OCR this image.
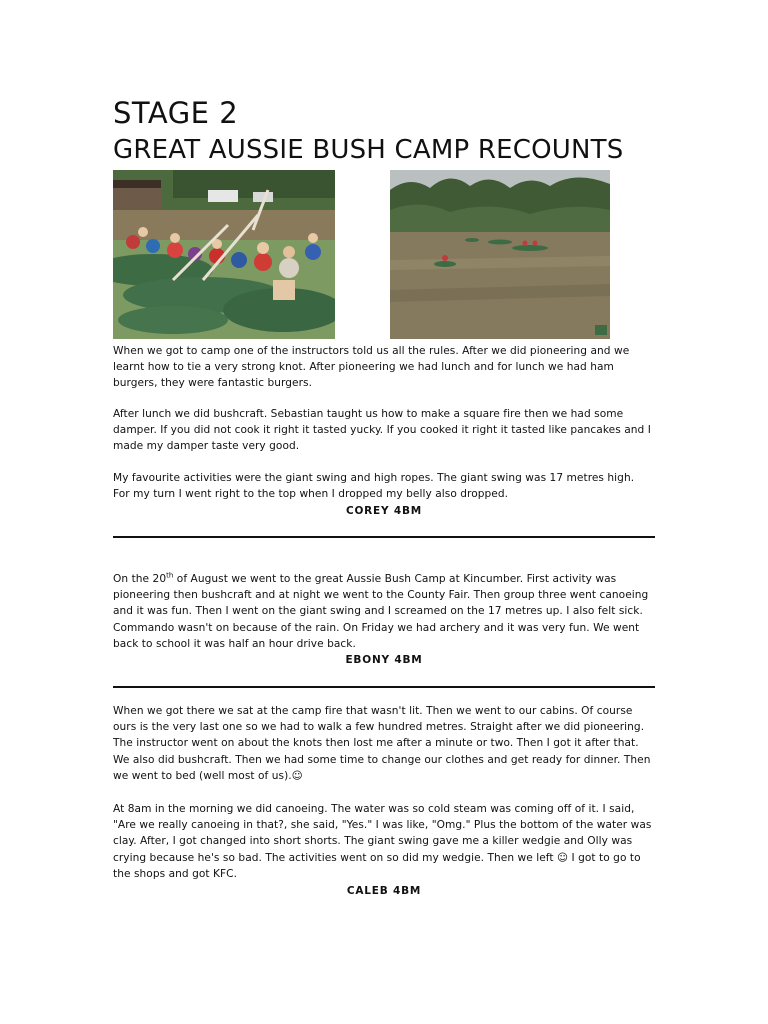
STAGE 2
GREAT AUSSIE BUSH CAMP RECOUNTS

When we got to camp one of the instructors told us all the rules. After we did pioneering and we learnt how to tie a very strong knot. After pioneering we had lunch and for lunch we had ham burgers, they were fantastic burgers.

After lunch we did bushcraft. Sebastian taught us how to make a square fire then we had some damper. If you did not cook it right it tasted yucky. If you cooked it right it tasted like pancakes and I made my damper taste very good.

My favourite activities were the giant swing and high ropes. The giant swing was 17 metres high.
For my turn I went right to the top when I dropped my belly also dropped.

COREY 4BM

On the 20th of August we went to the great Aussie Bush Camp at Kincumber. First activity was pioneering then bushcraft and at night we went to the County Fair. Then group three went canoeing and it was fun. Then I went on the giant swing and I screamed on the 17 metres up. I also felt sick. Commando wasn't on because of the rain. On Friday we had archery and it was very fun. We went back to school it was half an hour drive back.

EBONY 4BM

When we got there we sat at the camp fire that wasn't lit. Then we went to our cabins. Of course ours is the very last one so we had to walk a few hundred metres. Straight after we did pioneering. The instructor went on about the knots then lost me after a minute or two. Then I got it after that. We also did bushcraft. Then we had some time to change our clothes and get ready for dinner. Then we went to bed (well most of us).☺

At 8am in the morning we did canoeing. The water was so cold steam was coming off of it. I said, "Are we really canoeing in that?, she said, "Yes." I was like, "Omg." Plus the bottom of the water was clay. After, I got changed into short shorts. The giant swing gave me a killer wedgie and Olly was crying because he's so bad. The activities went on so did my wedgie. Then we left ☺ I got to go to the shops and got KFC.

CALEB 4BM
